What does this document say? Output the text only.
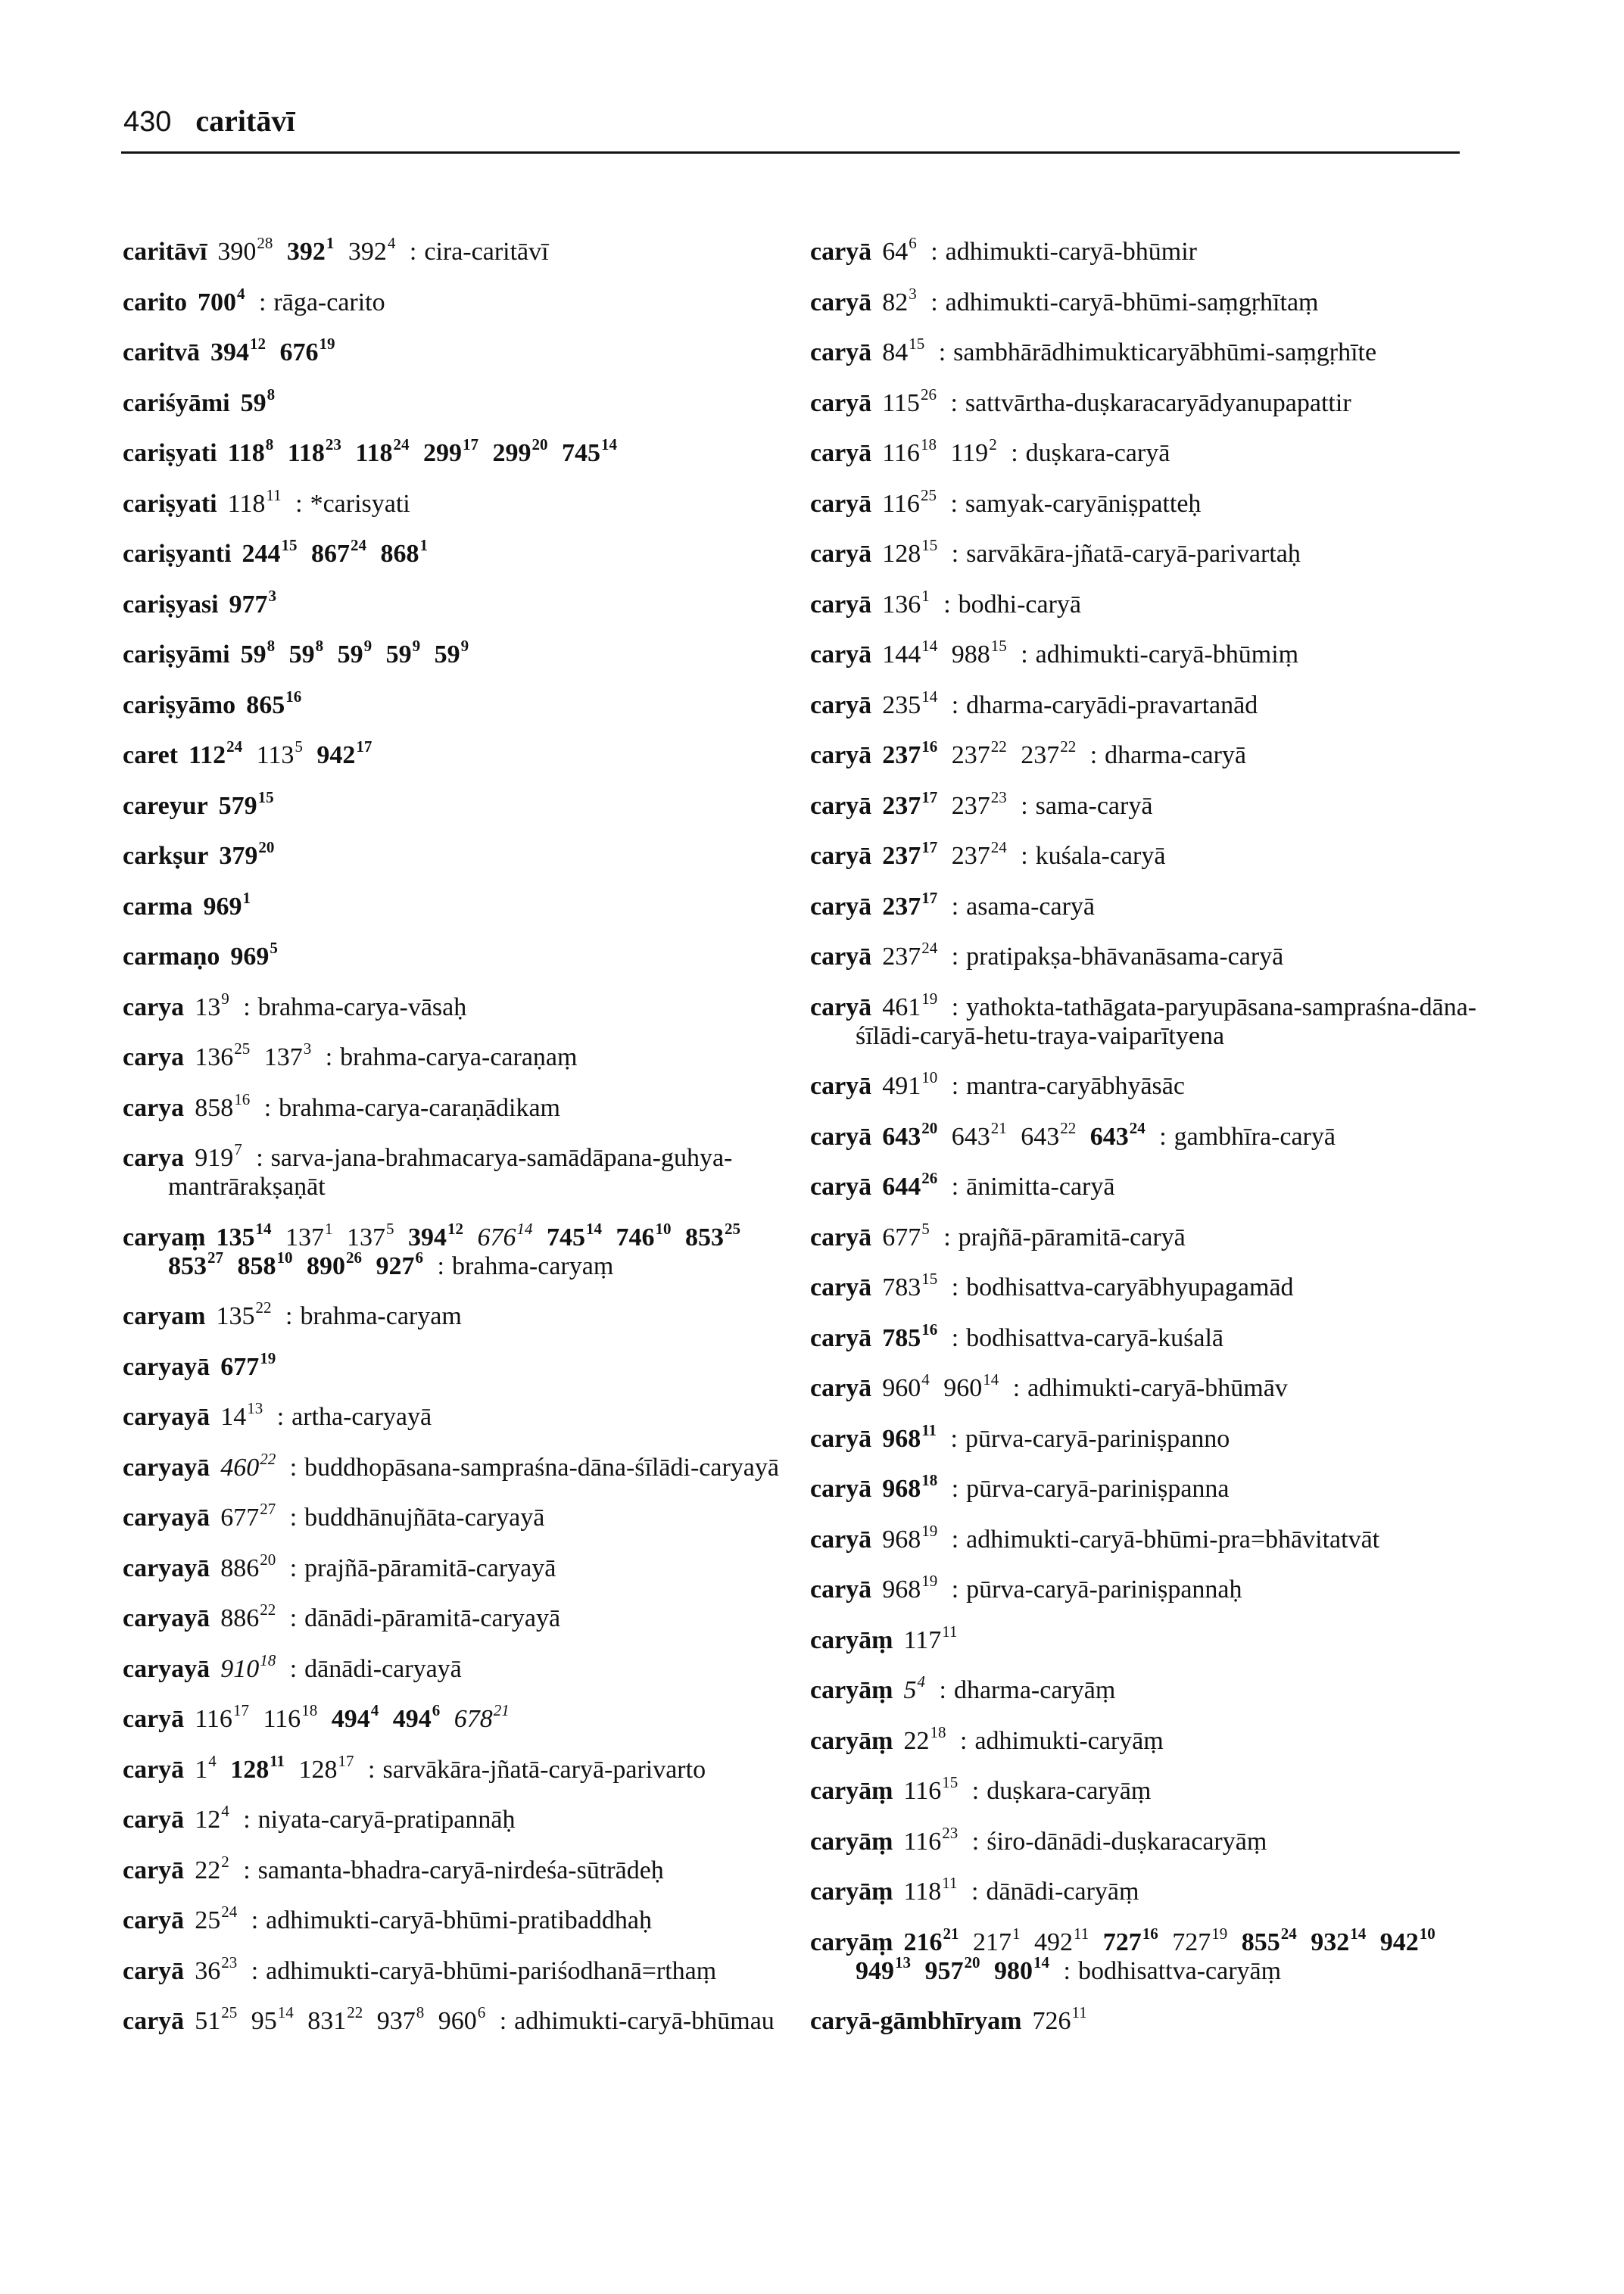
430 caritāvī
caritāvī $390^{28}$ $392^1$ $392^4$ : cira-caritāvī
carito $700^4$ : rāga-carito
caritvā $394^{12}$ $676^{19}$
cariśyāmi $59^8$
cariṣyati $118^8$ $118^{23}$ $118^{24}$ $299^{17}$ $299^{20}$ $745^{14}$
cariṣyati $118^{11}$ : *carisyati
cariṣyanti $244^{15}$ $867^{24}$ $868^1$
cariṣyasi $977^3$
cariṣyāmi $59^8$ $59^8$ $59^9$ $59^9$ $59^9$
cariṣyāmo $865^{16}$
caret $112^{24}$ $113^5$ $942^{17}$
careyur $579^{15}$
carkṣur $379^{20}$
carma $969^1$
carmaṇo $969^5$
carya $13^9$ : brahma-carya-vāsaḥ
carya $136^{25}$ $137^3$ : brahma-carya-caraṇaṃ
carya $858^{16}$ : brahma-carya-caraṇādikam
carya $919^7$ : sarva-jana-brahmacarya-samādāpana-guhya-mantrārakṣaṇāt
caryaṃ $135^{14}$ $137^1$ $137^5$ $394^{12}$ $676^{14}$ $745^{14}$ $746^{10}$ $853^{25}$ $853^{27}$ $858^{10}$ $890^{26}$ $927^6$ : brahma-caryaṃ
caryam $135^{22}$ : brahma-caryam
caryayā $677^{19}$
caryayā $14^{13}$ : artha-caryayā
caryayā $460^{22}$ : buddhopāsana-sampraśna-dāna-śīlādi-caryayā
caryayā $677^{27}$ : buddhānujñāta-caryayā
caryayā $886^{20}$ : prajñā-pāramitā-caryayā
caryayā $886^{22}$ : dānādi-pāramitā-caryayā
caryayā $910^{18}$ : dānādi-caryayā
caryā $116^{17}$ $116^{18}$ $494^4$ $494^6$ $678^{21}$
caryā $1^4$ $128^{11}$ $128^{17}$ : sarvākāra-jñatā-caryā-parivarto
caryā $12^4$ : niyata-caryā-pratipannāḥ
caryā $22^2$ : samanta-bhadra-caryā-nirdeśa-sūtrādeḥ
caryā $25^{24}$ : adhimukti-caryā-bhūmi-pratibaddhaḥ
caryā $36^{23}$ : adhimukti-caryā-bhūmi-pariśodhanā=rthaṃ
caryā $51^{25}$ $95^{14}$ $831^{22}$ $937^8$ $960^6$ : adhimukti-caryā-bhūmau
caryā $64^6$ : adhimukti-caryā-bhūmir
caryā $82^3$ : adhimukti-caryā-bhūmi-saṃgṛhītaṃ
caryā $84^{15}$ : sambhārādhimukticaryābhūmi-saṃgṛhīte
caryā $115^{26}$ : sattvārtha-duṣkaracaryādyanupapattir
caryā $116^{18}$ $119^2$ : duṣkara-caryā
caryā $116^{25}$ : samyak-caryāniṣpatteḥ
caryā $128^{15}$ : sarvākāra-jñatā-caryā-parivartaḥ
caryā $136^1$ : bodhi-caryā
caryā $144^{14}$ $988^{15}$ : adhimukti-caryā-bhūmiṃ
caryā $235^{14}$ : dharma-caryādi-pravartanād
caryā $237^{16}$ $237^{22}$ $237^{22}$ : dharma-caryā
caryā $237^{17}$ $237^{23}$ : sama-caryā
caryā $237^{17}$ $237^{24}$ : kuśala-caryā
caryā $237^{17}$ : asama-caryā
caryā $237^{24}$ : pratipakṣa-bhāvanāsama-caryā
caryā $461^{19}$ : yathokta-tathāgata-paryupāsana-sampraśna-dāna-śīlādi-caryā-hetu-traya-vaiparītyena
caryā $491^{10}$ : mantra-caryābhyāsāc
caryā $643^{20}$ $643^{21}$ $643^{22}$ $643^{24}$ : gambhīra-caryā
caryā $644^{26}$ : ānimitta-caryā
caryā $677^5$ : prajñā-pāramitā-caryā
caryā $783^{15}$ : bodhisattva-caryābhyupagamād
caryā $785^{16}$ : bodhisattva-caryā-kuśalā
caryā $960^4$ $960^{14}$ : adhimukti-caryā-bhūmāv
caryā $968^{11}$ : pūrva-caryā-pariniṣpanno
caryā $968^{18}$ : pūrva-caryā-pariniṣpanna
caryā $968^{19}$ : adhimukti-caryā-bhūmi-pra=bhāvitatvāt
caryā $968^{19}$ : pūrva-caryā-pariniṣpannaḥ
caryāṃ $117^{11}$
caryāṃ $5^4$ : dharma-caryāṃ
caryāṃ $22^{18}$ : adhimukti-caryāṃ
caryāṃ $116^{15}$ : duṣkara-caryāṃ
caryāṃ $116^{23}$ : śiro-dānādi-duṣkaracaryāṃ
caryāṃ $118^{11}$ : dānādi-caryāṃ
caryāṃ $216^{21}$ $217^1$ $492^{11}$ $727^{16}$ $727^{19}$ $855^{24}$ $932^{14}$ $942^{10}$ $949^{13}$ $957^{20}$ $980^{14}$ : bodhisattva-caryāṃ
caryā-gāmbhīryam $726^{11}$
